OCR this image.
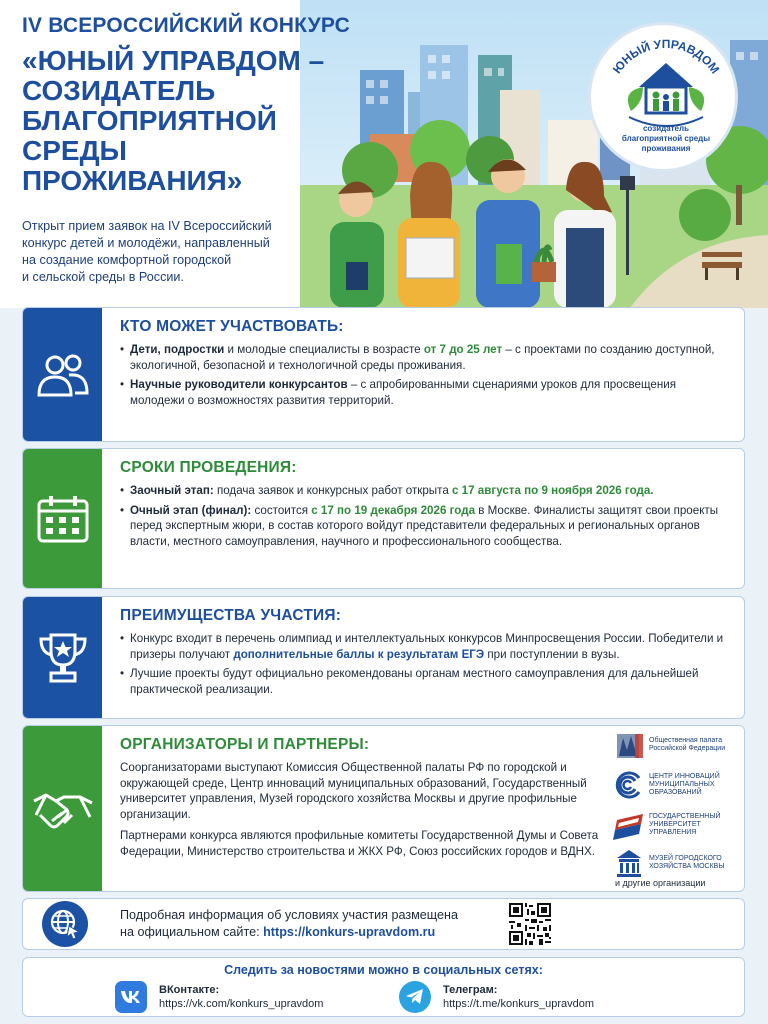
ЮНЫЙ УПРАВДОМ
созидатель
благоприятной среды
проживания
IV ВСЕРОССИЙСКИЙ КОНКУРС
«ЮНЫЙ УПРАВДОМ –
СОЗИДАТЕЛЬ
БЛАГОПРИЯТНОЙ СРЕДЫ
ПРОЖИВАНИЯ»
Открыт прием заявок на IV Всероссийский
конкурс детей и молодёжи, направленный
на создание комфортной городской
и сельской среды в России.
КТО МОЖЕТ УЧАСТВОВАТЬ:
• Дети, подростки и молодые специалисты в возрасте от 7 до 25 лет – с проектами по созданию доступной, экологичной, безопасной и технологичной среды проживания.
• Научные руководители конкурсантов – с апробированными сценариями уроков для просвещения молодежи о возможностях развития территорий.
СРОКИ ПРОВЕДЕНИЯ:
• Заочный этап: подача заявок и конкурсных работ открыта с 17 августа по 9 ноября 2026 года.
• Очный этап (финал): состоится с 17 по 19 декабря 2026 года в Москве. Финалисты защитят свои проекты перед экспертным жюри, в состав которого войдут представители федеральных и региональных органов власти, местного самоуправления, научного и профессионального сообщества.
ПРЕИМУЩЕСТВА УЧАСТИЯ:
• Конкурс входит в перечень олимпиад и интеллектуальных конкурсов Минпросвещения России. Победители и призеры получают дополнительные баллы к результатам ЕГЭ при поступлении в вузы.
• Лучшие проекты будут официально рекомендованы органам местного самоуправления для дальнейшей практической реализации.
ОРГАНИЗАТОРЫ И ПАРТНЕРЫ:
Соорганизаторами выступают Комиссия Общественной палаты РФ по городской и окружающей среде, Центр инноваций муниципальных образований, Государственный университет управления, Музей городского хозяйства Москвы и другие профильные организации.
Партнерами конкурса являются профильные комитеты Государственной Думы и Совета Федерации, Министерство строительства и ЖКХ РФ, Союз российских городов и ВДНХ.
Общественная палата
Российской Федерации
ЦЕНТР ИННОВАЦИЙ
МУНИЦИПАЛЬНЫХ
ОБРАЗОВАНИЙ
ГОСУДАРСТВЕННЫЙ
УНИВЕРСИТЕТ
УПРАВЛЕНИЯ
МУЗЕЙ ГОРОДСКОГО
ХОЗЯЙСТВА МОСКВЫ
и другие организации
Подробная информация об условиях участия размещена
на официальном сайте: https://konkurs-upravdom.ru
Следить за новостями можно в социальных сетях:
ВКонтакте:
https://vk.com/konkurs_upravdom
Телеграм:
https://t.me/konkurs_upravdom
